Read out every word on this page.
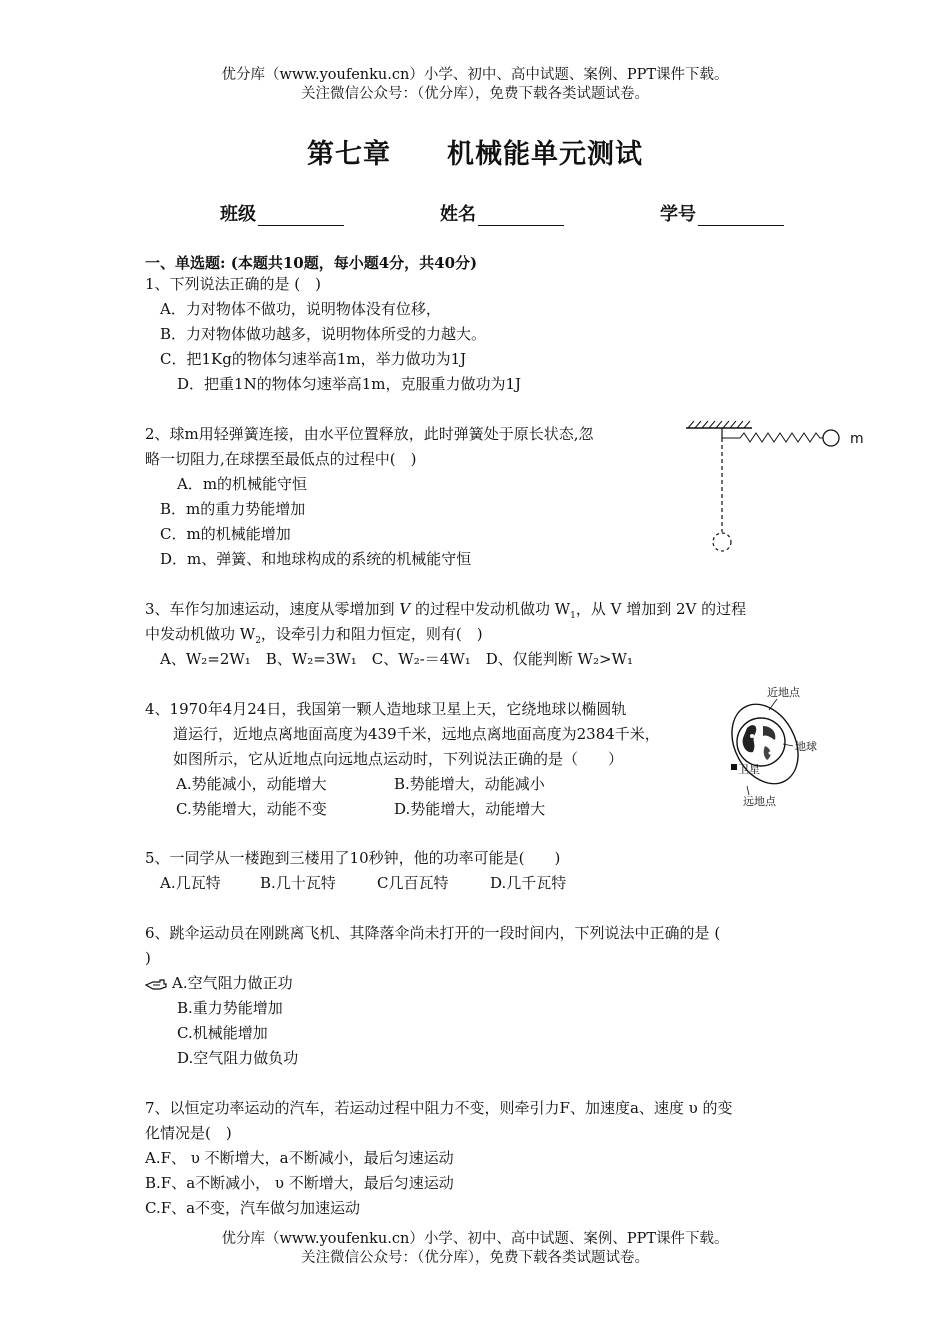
优分库（www.youfenku.cn）小学、初中、高中试题、案例、PPT课件下载。
关注微信公众号：（优分库），免费下载各类试题试卷。
第七章　　机械能单元测试
班级	姓名	学号
一、单选题: (本题共10题，每小题4分，共40分)
1、下列说法正确的是 (　)
A．力对物体不做功，说明物体没有位移，
B．力对物体做功越多，说明物体所受的力越大。
C．把1Kg的物体匀速举高1m，举力做功为1J
D．把重1N的物体匀速举高1m，克服重力做功为1J
2、球m用轻弹簧连接，由水平位置释放，此时弹簧处于原长状态,忽
略一切阻力,在球摆至最低点的过程中(　)
A．m的机械能守恒
B．m的重力势能增加
C．m的机械能增加
D．m、弹簧、和地球构成的系统的机械能守恒
m
3、车作匀加速运动，速度从零增加到 V 的过程中发动机做功 $W_1$，从 V 增加到 2V 的过程
中发动机做功 $W_2$，设牵引力和阻力恒定，则有(　)
A、W₂=2W₁　B、W₂=3W₁　C、W₂-＝4W₁　D、仅能判断 W₂>W₁
4、1970年4月24日，我国第一颗人造地球卫星上天，它绕地球以椭圆轨
道运行，近地点离地面高度为439千米，远地点离地面高度为2384千米，
如图所示，它从近地点向远地点运动时，下列说法正确的是（　　）
A.势能减小，动能增大	B.势能增大，动能减小
C.势能增大，动能不变	D.势能增大，动能增大
近地点
地球
卫星
远地点
5、一同学从一楼跑到三楼用了10秒钟，他的功率可能是(　　)
A.几瓦特	B.几十瓦特	C几百瓦特	D.几千瓦特
6、跳伞运动员在刚跳离飞机、其降落伞尚未打开的一段时间内，下列说法中正确的是 (
)
A.空气阻力做正功
B.重力势能增加
C.机械能增加
D.空气阻力做负功
7、以恒定功率运动的汽车，若运动过程中阻力不变，则牵引力F、加速度a、速度 υ 的变
化情况是(　)
A.F、 υ 不断增大，a不断减小，最后匀速运动
B.F、a不断减小， υ 不断增大，最后匀速运动
C.F、a不变，汽车做匀加速运动
优分库（www.youfenku.cn）小学、初中、高中试题、案例、PPT课件下载。
关注微信公众号：（优分库），免费下载各类试题试卷。
